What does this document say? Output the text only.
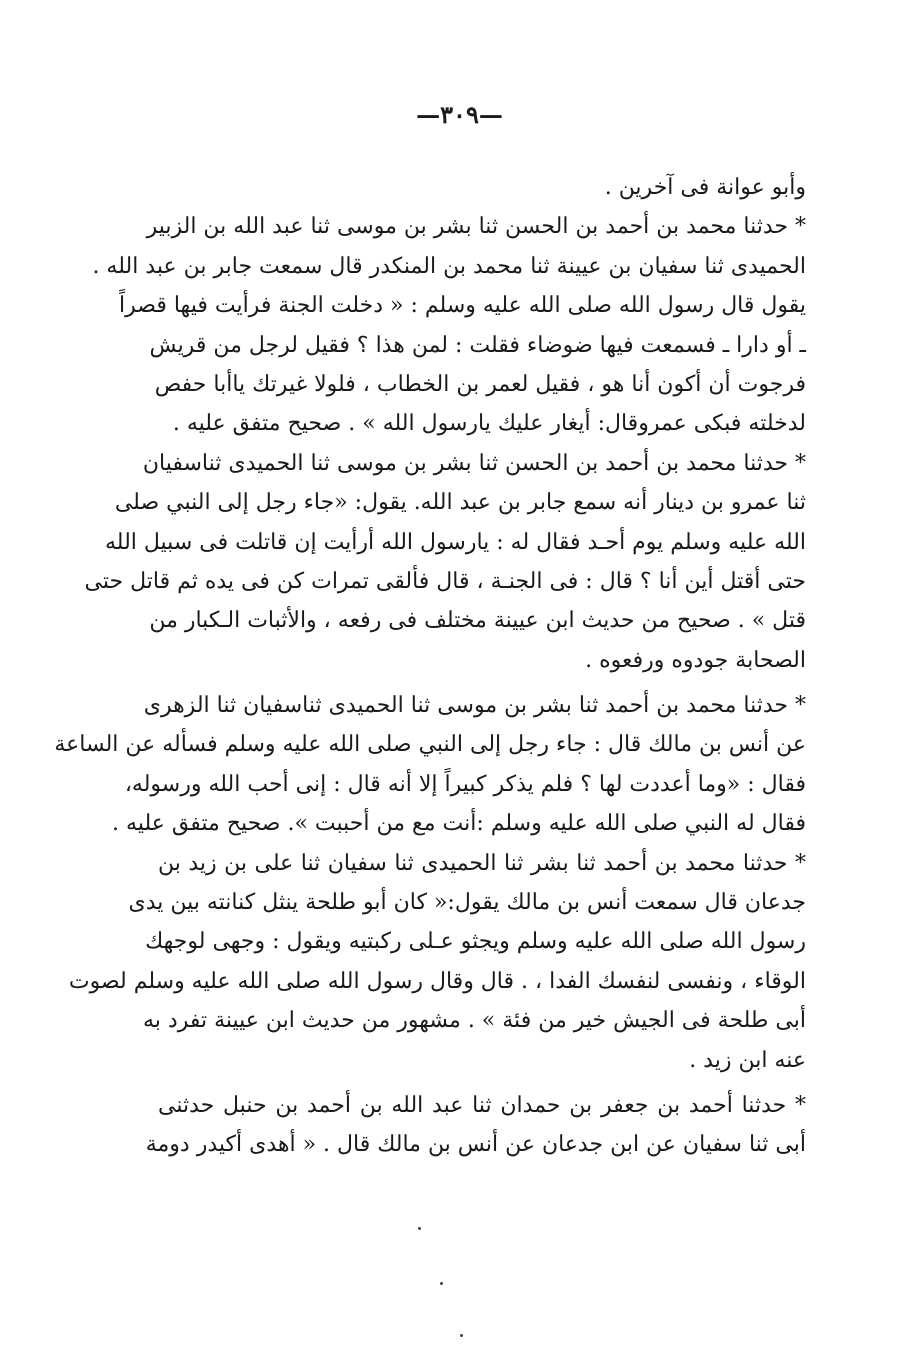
—٣٠٩—
وأبو عوانة فى آخرين .
* حدثنا محمد بن أحمد بن الحسن ثنا بشر بن موسى ثنا عبد الله بن الزبير
الحميدى ثنا سفيان بن عيينة ثنا محمد بن المنكدر قال سمعت جابر بن عبد الله .
يقول قال رسول الله صلى الله عليه وسلم : « دخلت الجنة فرأيت فيها قصراً
ـ أو دارا ـ فسمعت فيها ضوضاء فقلت : لمن هذا ؟ فقيل لرجل من قريش
فرجوت أن أكون أنا هو ، فقيل لعمر بن الخطاب ، فلولا غيرتك ياأبا حفص
لدخلته فبكى عمروقال: أيغار عليك يارسول الله » . صحيح متفق عليه .
* حدثنا محمد بن أحمد بن الحسن ثنا بشر بن موسى ثنا الحميدى ثناسفيان
ثنا عمرو بن دينار أنه سمع جابر بن عبد الله. يقول: «جاء رجل إلى النبي صلى
الله عليه وسلم يوم أحـد فقال له : يارسول الله أرأيت إن قاتلت فى سبيل الله
حتى أقتل أين أنا ؟ قال : فى الجنـة ، قال فألقى تمرات كن فى يده ثم قاتل حتى
قتل » . صحيح من حديث ابن عيينة مختلف فى رفعه ، والأثبات الـكبار من
الصحابة جودوه ورفعوه .
* حدثنا محمد بن أحمد ثنا بشر بن موسى ثنا الحميدى ثناسفيان ثنا الزهرى
عن أنس بن مالك قال : جاء رجل إلى النبي صلى الله عليه وسلم فسأله عن الساعة
فقال : «وما أعددت لها ؟ فلم يذكر كبيراً إلا أنه قال : إنى أحب الله ورسوله،
فقال له النبي صلى الله عليه وسلم :أنت مع من أحببت ». صحيح متفق عليه .
* حدثنا محمد بن أحمد ثنا بشر ثنا الحميدى ثنا سفيان ثنا على بن زيد بن
جدعان قال سمعت أنس بن مالك يقول:« كان أبو طلحة ينثل كنانته بين يدى
رسول الله صلى الله عليه وسلم ويجثو عـلى ركبتيه ويقول : وجهى لوجهك
الوقاء ، ونفسى لنفسك الفدا ، . قال وقال رسول الله صلى الله عليه وسلم لصوت
أبى طلحة فى الجيش خير من فئة » . مشهور من حديث ابن عيينة تفرد به
عنه ابن زيد .
* حدثنا أحمد بن جعفر بن حمدان ثنا عبد الله بن أحمد بن حنبل حدثنى
أبى ثنا سفيان عن ابن جدعان عن أنس بن مالك قال . « أهدى أكيدر دومة
